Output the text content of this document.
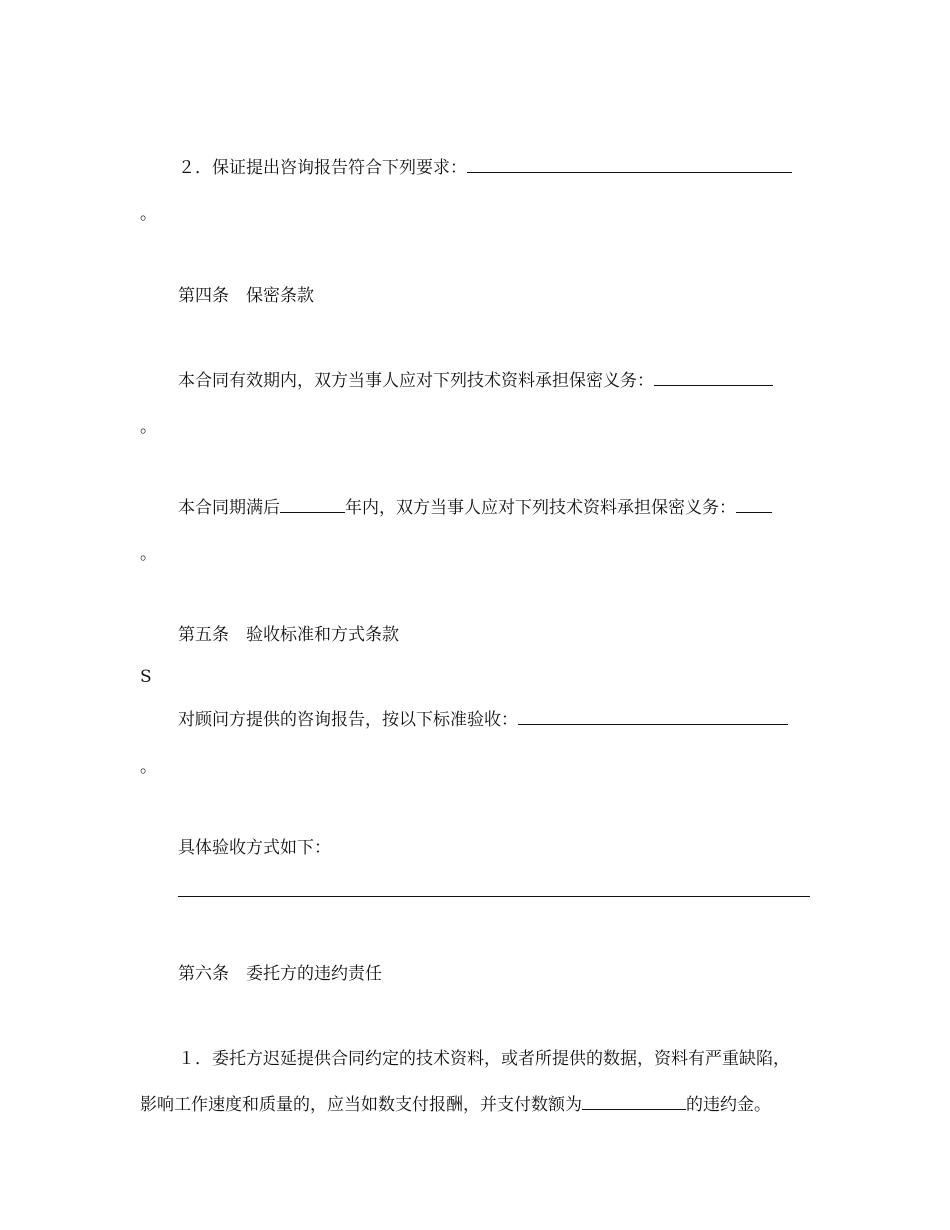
２．保证提出咨询报告符合下列要求：
。
第四条　保密条款
本合同有效期内，双方当事人应对下列技术资料承担保密义务：
。
本合同期满后	年内，双方当事人应对下列技术资料承担保密义务：
。
第五条　验收标准和方式条款
S
对顾问方提供的咨询报告，按以下标准验收：
。
具体验收方式如下：
第六条　委托方的违约责任
１．委托方迟延提供合同约定的技术资料，或者所提供的数据，资料有严重缺陷，
影响工作速度和质量的，应当如数支付报酬，并支付数额为	的违约金。
